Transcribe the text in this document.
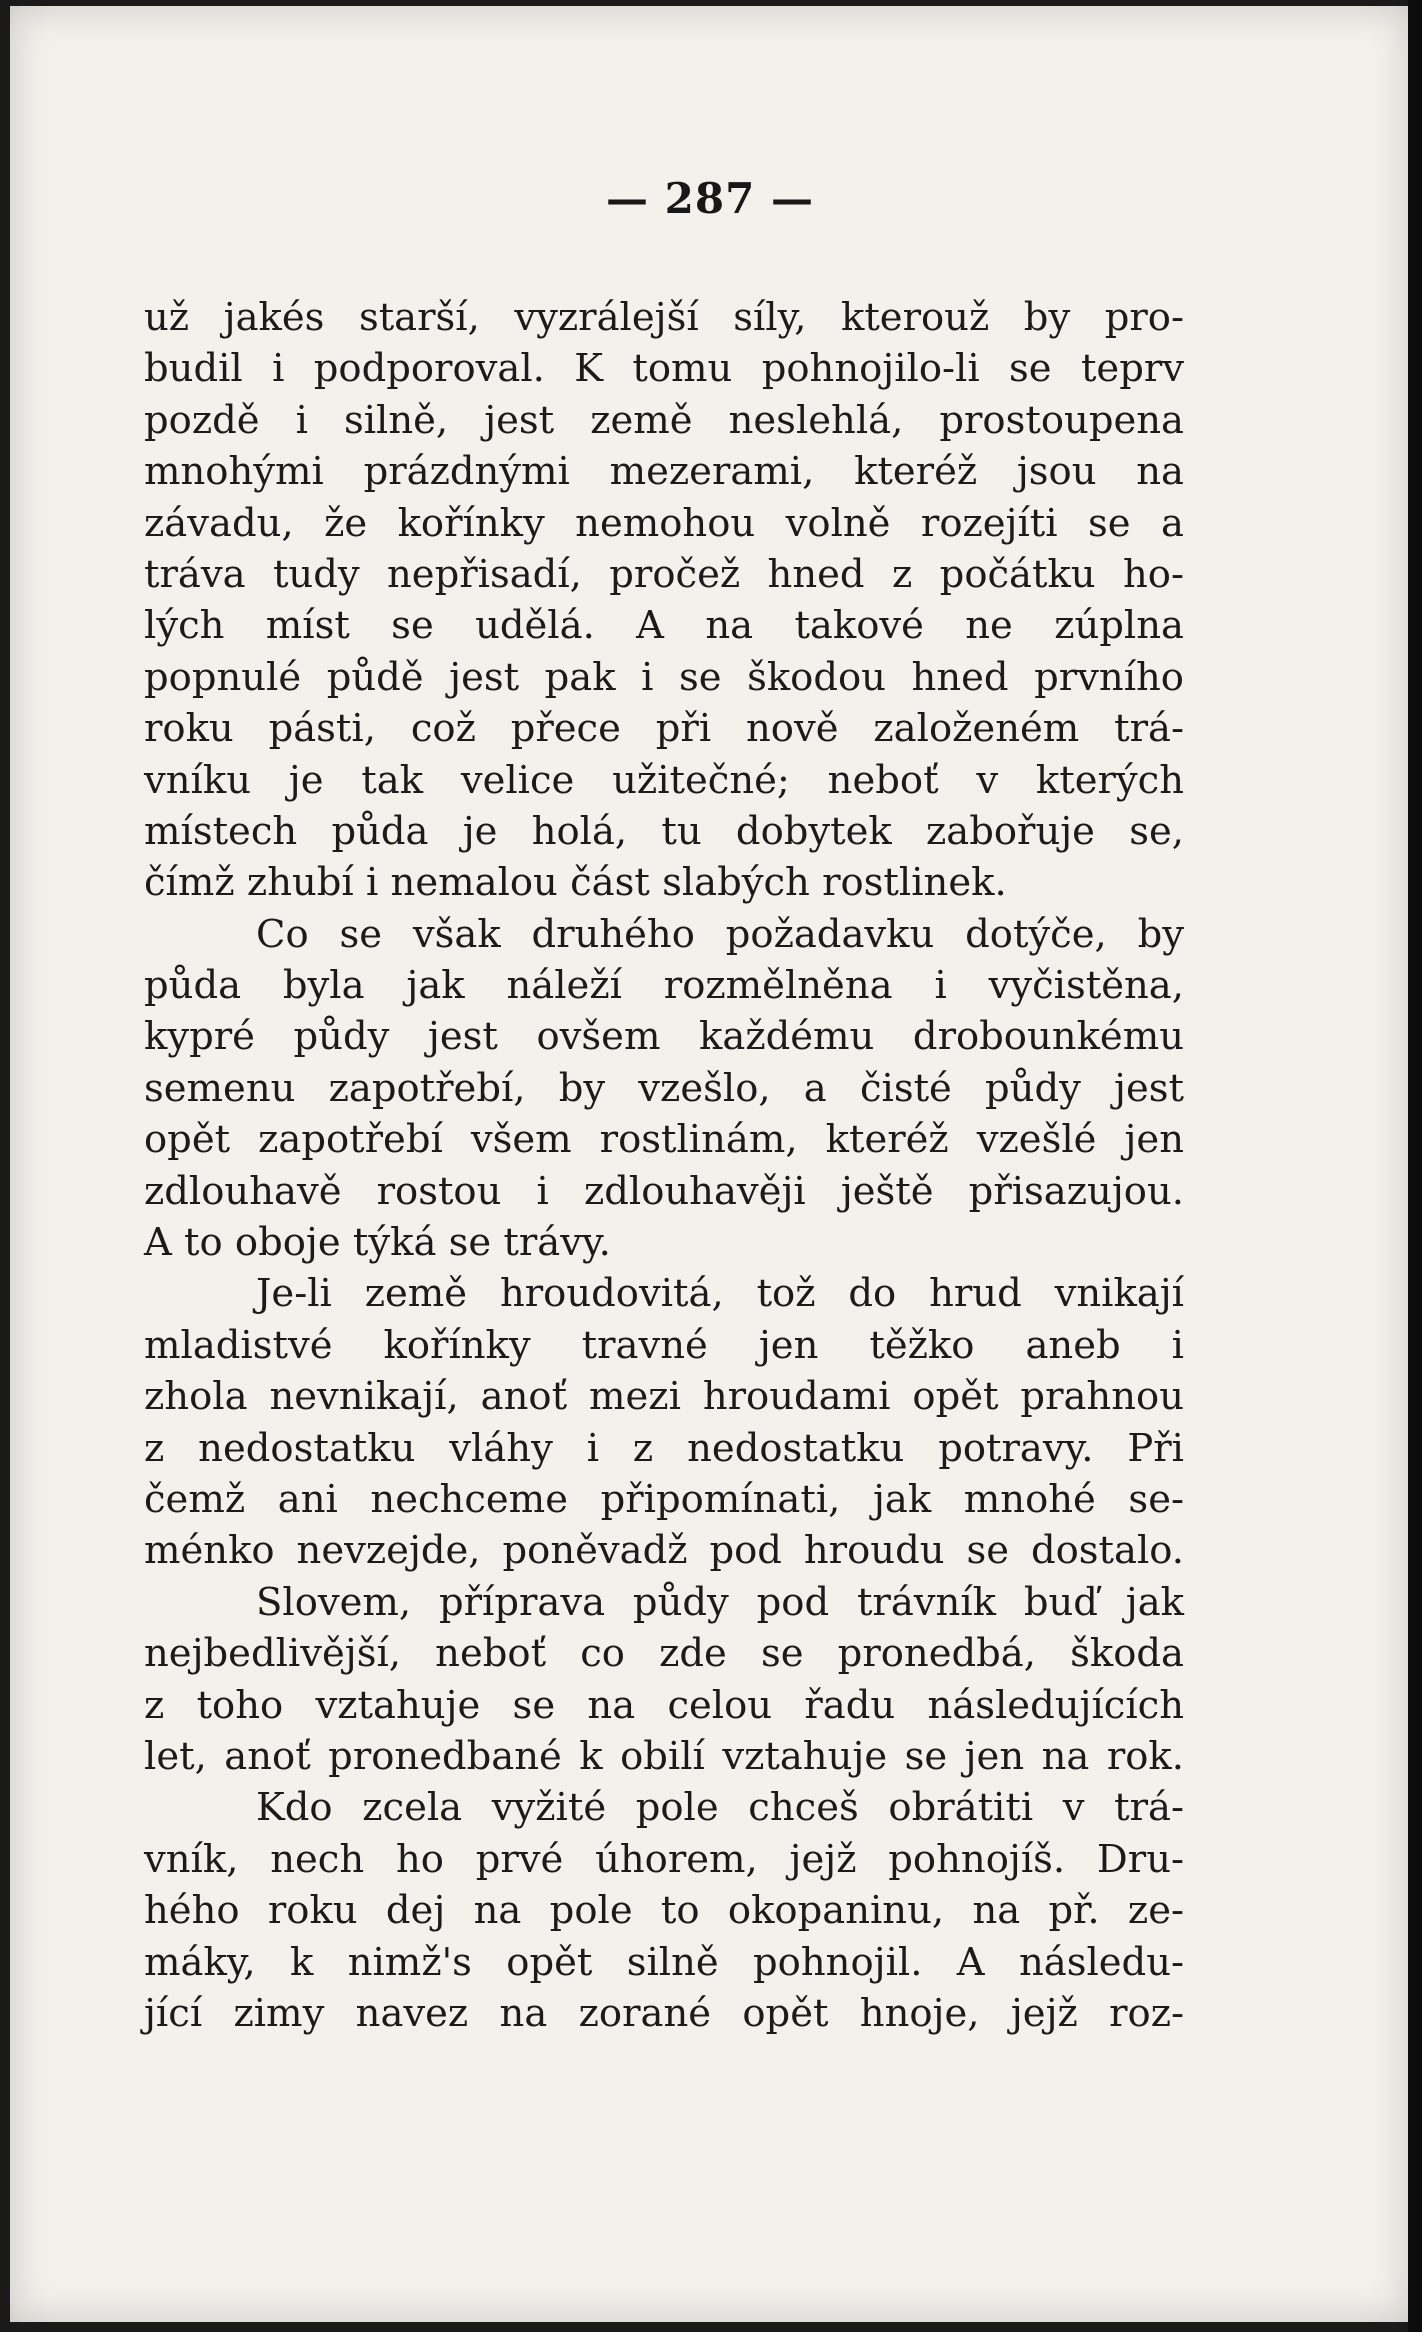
— 287 —
už jakés starší, vyzrálejší síly, kterouž by pro-
budil i podporoval. K tomu pohnojilo-li se teprv
pozdě i silně, jest země neslehlá, prostoupena
mnohými prázdnými mezerami, kteréž jsou na
závadu, že kořínky nemohou volně rozejíti se a
tráva tudy nepřisadí, pročež hned z počátku ho-
lých míst se udělá. A na takové ne zúplna
popnulé půdě jest pak i se škodou hned prvního
roku pásti, což přece při nově založeném trá-
vníku je tak velice užitečné; neboť v kterých
místech půda je holá, tu dobytek zabořuje se,
čímž zhubí i nemalou část slabých rostlinek.
Co se však druhého požadavku dotýče, by
půda byla jak náleží rozmělněna i vyčistěna,
kypré půdy jest ovšem každému drobounkému
semenu zapotřebí, by vzešlo, a čisté půdy jest
opět zapotřebí všem rostlinám, kteréž vzešlé jen
zdlouhavě rostou i zdlouhavěji ještě přisazujou.
A to oboje týká se trávy.
Je-li země hroudovitá, tož do hrud vnikají
mladistvé kořínky travné jen těžko aneb i
zhola nevnikají, anoť mezi hroudami opět prahnou
z nedostatku vláhy i z nedostatku potravy. Při
čemž ani nechceme připomínati, jak mnohé se-
ménko nevzejde, poněvadž pod hroudu se dostalo.
Slovem, příprava půdy pod trávník buď jak
nejbedlivější, neboť co zde se pronedbá, škoda
z toho vztahuje se na celou řadu následujících
let, anoť pronedbané k obilí vztahuje se jen na rok.
Kdo zcela vyžité pole chceš obrátiti v trá-
vník, nech ho prvé úhorem, jejž pohnojíš. Dru-
hého roku dej na pole to okopaninu, na př. ze-
máky, k nimž's opět silně pohnojil. A následu-
jící zimy navez na zorané opět hnoje, jejž roz-
